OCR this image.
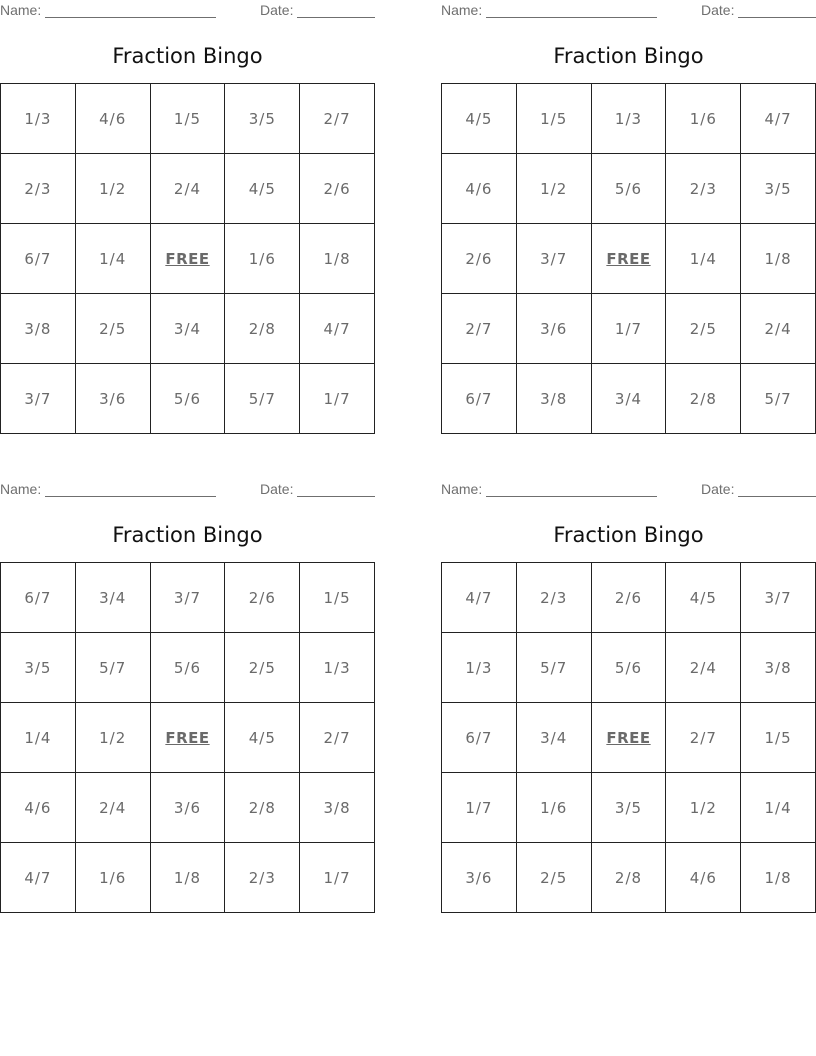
Name:	Date:
Fraction Bingo
1/3	4/6	1/5	3/5	2/7
2/3	1/2	2/4	4/5	2/6
6/7	1/4	FREE	1/6	1/8
3/8	2/5	3/4	2/8	4/7
3/7	3/6	5/6	5/7	1/7
Name:	Date:
Fraction Bingo
4/5	1/5	1/3	1/6	4/7
4/6	1/2	5/6	2/3	3/5
2/6	3/7	FREE	1/4	1/8
2/7	3/6	1/7	2/5	2/4
6/7	3/8	3/4	2/8	5/7
Name:	Date:
Fraction Bingo
6/7	3/4	3/7	2/6	1/5
3/5	5/7	5/6	2/5	1/3
1/4	1/2	FREE	4/5	2/7
4/6	2/4	3/6	2/8	3/8
4/7	1/6	1/8	2/3	1/7
Name:	Date:
Fraction Bingo
4/7	2/3	2/6	4/5	3/7
1/3	5/7	5/6	2/4	3/8
6/7	3/4	FREE	2/7	1/5
1/7	1/6	3/5	1/2	1/4
3/6	2/5	2/8	4/6	1/8
